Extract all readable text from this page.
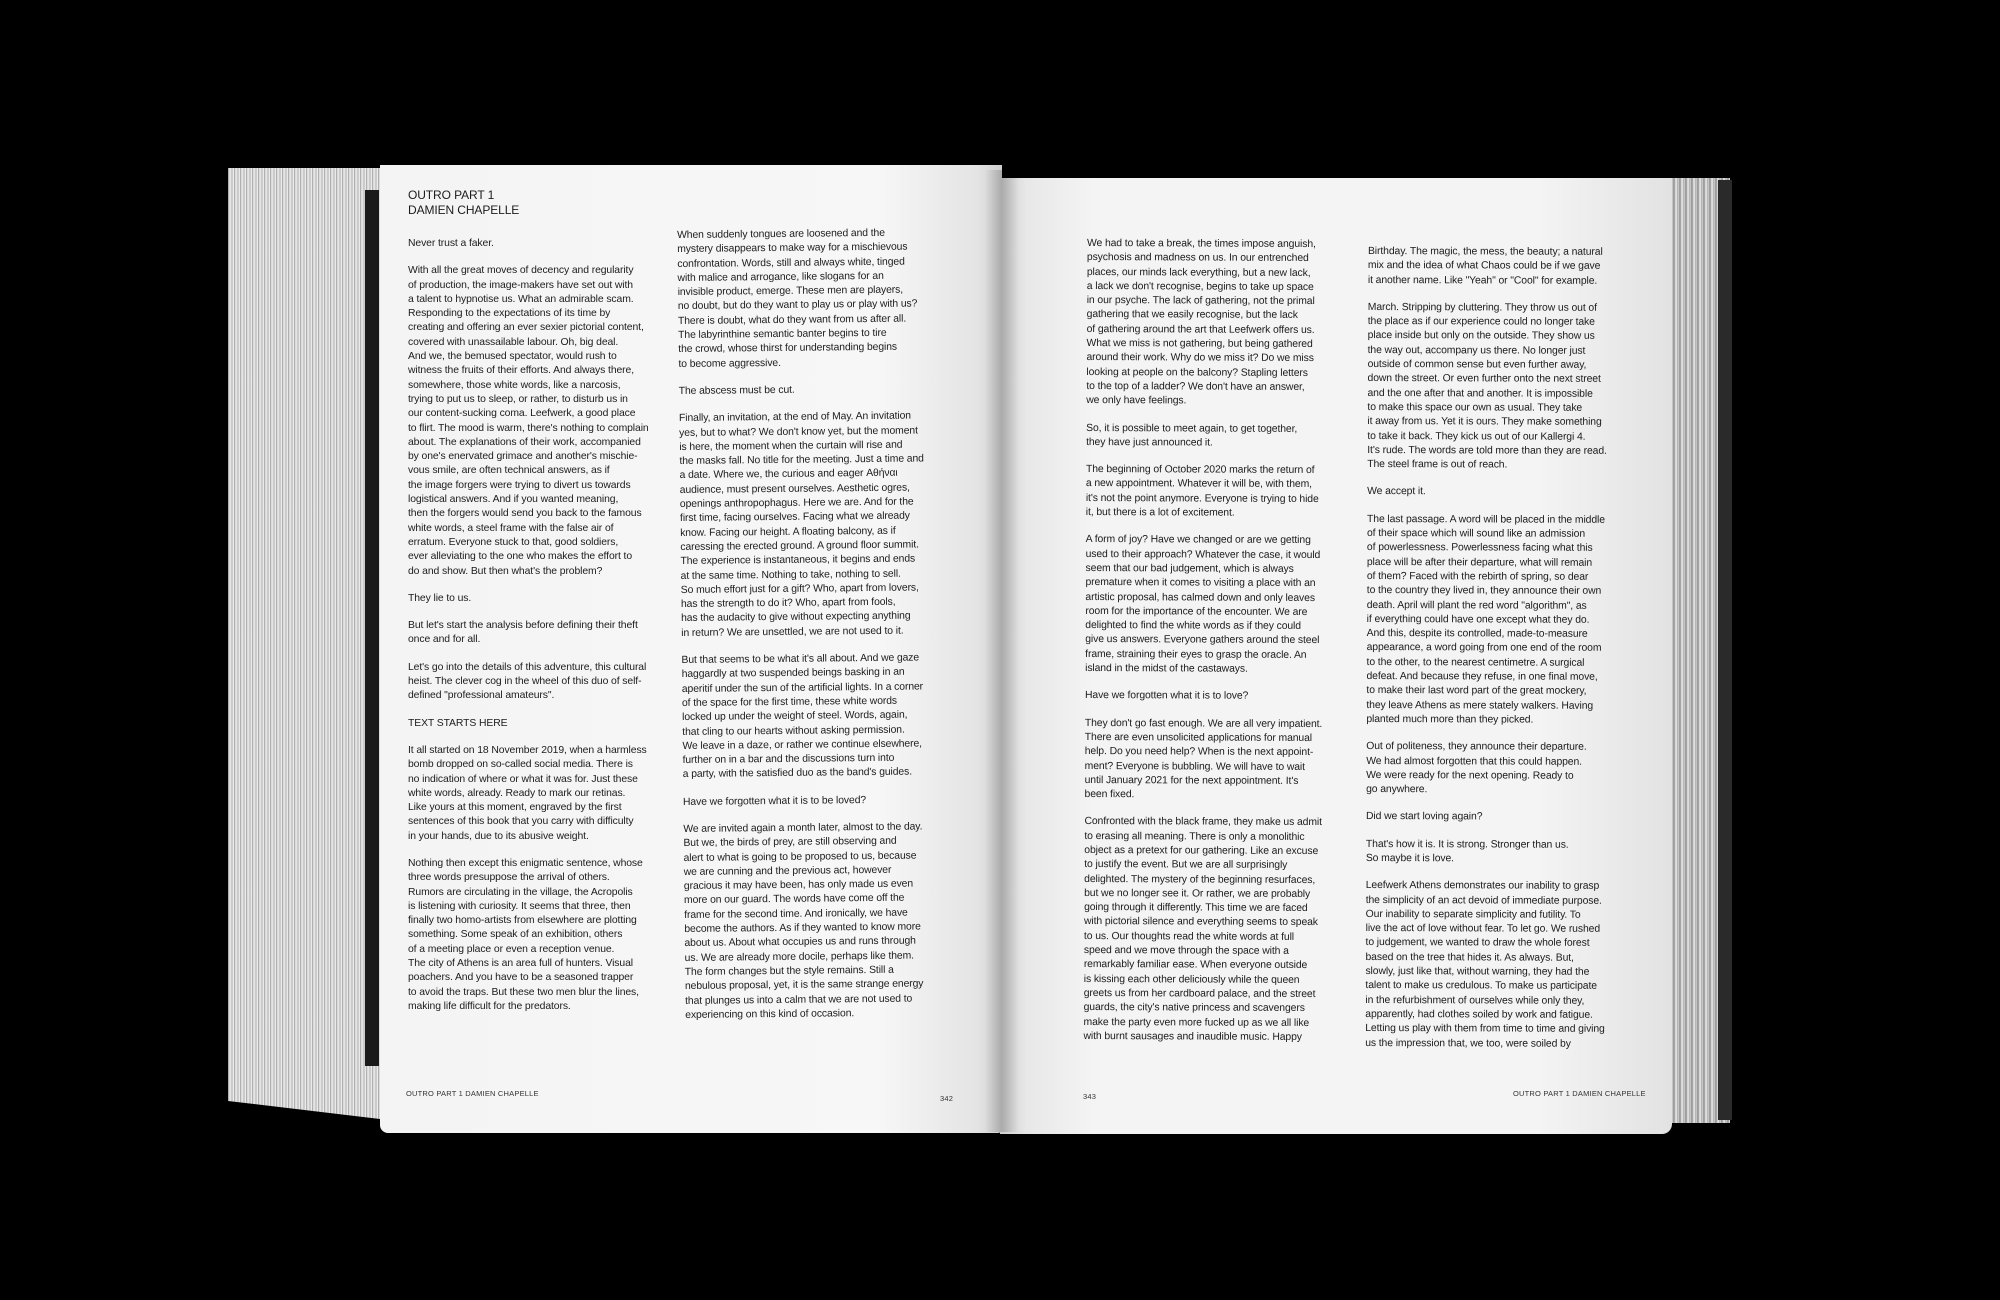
OUTRO PART 1
DAMIEN CHAPELLE

Never trust a faker.

With all the great moves of decency and regularity
of production, the image-makers have set out with
a talent to hypnotise us. What an admirable scam.
Responding to the expectations of its time by
creating and offering an ever sexier pictorial content,
covered with unassailable labour. Oh, big deal.
And we, the bemused spectator, would rush to
witness the fruits of their efforts. And always there,
somewhere, those white words, like a narcosis,
trying to put us to sleep, or rather, to disturb us in
our content-sucking coma. Leefwerk, a good place
to flirt. The mood is warm, there's nothing to complain
about. The explanations of their work, accompanied
by one's enervated grimace and another's mischie-
vous smile, are often technical answers, as if
the image forgers were trying to divert us towards
logistical answers. And if you wanted meaning,
then the forgers would send you back to the famous
white words, a steel frame with the false air of
erratum. Everyone stuck to that, good soldiers,
ever alleviating to the one who makes the effort to
do and show. But then what's the problem?

They lie to us.

But let's start the analysis before defining their theft
once and for all.

Let's go into the details of this adventure, this cultural
heist. The clever cog in the wheel of this duo of self-
defined "professional amateurs".

TEXT STARTS HERE

It all started on 18 November 2019, when a harmless
bomb dropped on so-called social media. There is
no indication of where or what it was for. Just these
white words, already. Ready to mark our retinas.
Like yours at this moment, engraved by the first
sentences of this book that you carry with difficulty
in your hands, due to its abusive weight.

Nothing then except this enigmatic sentence, whose
three words presuppose the arrival of others.
Rumors are circulating in the village, the Acropolis
is listening with curiosity. It seems that three, then
finally two homo-artists from elsewhere are plotting
something. Some speak of an exhibition, others
of a meeting place or even a reception venue.
The city of Athens is an area full of hunters. Visual
poachers. And you have to be a seasoned trapper
to avoid the traps. But these two men blur the lines,
making life difficult for the predators.

When suddenly tongues are loosened and the
mystery disappears to make way for a mischievous
confrontation. Words, still and always white, tinged
with malice and arrogance, like slogans for an
invisible product, emerge. These men are players,
no doubt, but do they want to play us or play with us?
There is doubt, what do they want from us after all.
The labyrinthine semantic banter begins to tire
the crowd, whose thirst for understanding begins
to become aggressive.

The abscess must be cut.

Finally, an invitation, at the end of May. An invitation
yes, but to what? We don't know yet, but the moment
is here, the moment when the curtain will rise and
the masks fall. No title for the meeting. Just a time and
a date. Where we, the curious and eager Αθήναι
audience, must present ourselves. Aesthetic ogres,
openings anthropophagus. Here we are. And for the
first time, facing ourselves. Facing what we already
know. Facing our height. A floating balcony, as if
caressing the erected ground. A ground floor summit.
The experience is instantaneous, it begins and ends
at the same time. Nothing to take, nothing to sell.
So much effort just for a gift? Who, apart from lovers,
has the strength to do it? Who, apart from fools,
has the audacity to give without expecting anything
in return? We are unsettled, we are not used to it.

But that seems to be what it's all about. And we gaze
haggardly at two suspended beings basking in an
aperitif under the sun of the artificial lights. In a corner
of the space for the first time, these white words
locked up under the weight of steel. Words, again,
that cling to our hearts without asking permission.
We leave in a daze, or rather we continue elsewhere,
further on in a bar and the discussions turn into
a party, with the satisfied duo as the band's guides.

Have we forgotten what it is to be loved?

We are invited again a month later, almost to the day.
But we, the birds of prey, are still observing and
alert to what is going to be proposed to us, because
we are cunning and the previous act, however
gracious it may have been, has only made us even
more on our guard. The words have come off the
frame for the second time. And ironically, we have
become the authors. As if they wanted to know more
about us. About what occupies us and runs through
us. We are already more docile, perhaps like them.
The form changes but the style remains. Still a
nebulous proposal, yet, it is the same strange energy
that plunges us into a calm that we are not used to
experiencing on this kind of occasion.

We had to take a break, the times impose anguish,
psychosis and madness on us. In our entrenched
places, our minds lack everything, but a new lack,
a lack we don't recognise, begins to take up space
in our psyche. The lack of gathering, not the primal
gathering that we easily recognise, but the lack
of gathering around the art that Leefwerk offers us.
What we miss is not gathering, but being gathered
around their work. Why do we miss it? Do we miss
looking at people on the balcony? Stapling letters
to the top of a ladder? We don't have an answer,
we only have feelings.

So, it is possible to meet again, to get together,
they have just announced it.

The beginning of October 2020 marks the return of
a new appointment. Whatever it will be, with them,
it's not the point anymore. Everyone is trying to hide
it, but there is a lot of excitement.

A form of joy? Have we changed or are we getting
used to their approach? Whatever the case, it would
seem that our bad judgement, which is always
premature when it comes to visiting a place with an
artistic proposal, has calmed down and only leaves
room for the importance of the encounter. We are
delighted to find the white words as if they could
give us answers. Everyone gathers around the steel
frame, straining their eyes to grasp the oracle. An
island in the midst of the castaways.

Have we forgotten what it is to love?

They don't go fast enough. We are all very impatient.
There are even unsolicited applications for manual
help. Do you need help? When is the next appoint-
ment? Everyone is bubbling. We will have to wait
until January 2021 for the next appointment. It's
been fixed.

Confronted with the black frame, they make us admit
to erasing all meaning. There is only a monolithic
object as a pretext for our gathering. Like an excuse
to justify the event. But we are all surprisingly
delighted. The mystery of the beginning resurfaces,
but we no longer see it. Or rather, we are probably
going through it differently. This time we are faced
with pictorial silence and everything seems to speak
to us. Our thoughts read the white words at full
speed and we move through the space with a
remarkably familiar ease. When everyone outside
is kissing each other deliciously while the queen
greets us from her cardboard palace, and the street
guards, the city's native princess and scavengers
make the party even more fucked up as we all like
with burnt sausages and inaudible music. Happy

Birthday. The magic, the mess, the beauty; a natural
mix and the idea of what Chaos could be if we gave
it another name. Like "Yeah" or "Cool" for example.

March. Stripping by cluttering. They throw us out of
the place as if our experience could no longer take
place inside but only on the outside. They show us
the way out, accompany us there. No longer just
outside of common sense but even further away,
down the street. Or even further onto the next street
and the one after that and another. It is impossible
to make this space our own as usual. They take
it away from us. Yet it is ours. They make something
to take it back. They kick us out of our Kallergi 4.
It's rude. The words are told more than they are read.
The steel frame is out of reach.

We accept it.

The last passage. A word will be placed in the middle
of their space which will sound like an admission
of powerlessness. Powerlessness facing what this
place will be after their departure, what will remain
of them? Faced with the rebirth of spring, so dear
to the country they lived in, they announce their own
death. April will plant the red word "algorithm", as
if everything could have one except what they do.
And this, despite its controlled, made-to-measure
appearance, a word going from one end of the room
to the other, to the nearest centimetre. A surgical
defeat. And because they refuse, in one final move,
to make their last word part of the great mockery,
they leave Athens as mere stately walkers. Having
planted much more than they picked.

Out of politeness, they announce their departure.
We had almost forgotten that this could happen.
We were ready for the next opening. Ready to
go anywhere.

Did we start loving again?

That's how it is. It is strong. Stronger than us.
So maybe it is love.

Leefwerk Athens demonstrates our inability to grasp
the simplicity of an act devoid of immediate purpose.
Our inability to separate simplicity and futility. To
live the act of love without fear. To let go. We rushed
to judgement, we wanted to draw the whole forest
based on the tree that hides it. As always. But,
slowly, just like that, without warning, they had the
talent to make us credulous. To make us participate
in the refurbishment of ourselves while only they,
apparently, had clothes soiled by work and fatigue.
Letting us play with them from time to time and giving
us the impression that, we too, were soiled by

OUTRO PART 1 DAMIEN CHAPELLE
342	343	OUTRO PART 1 DAMIEN CHAPELLE
